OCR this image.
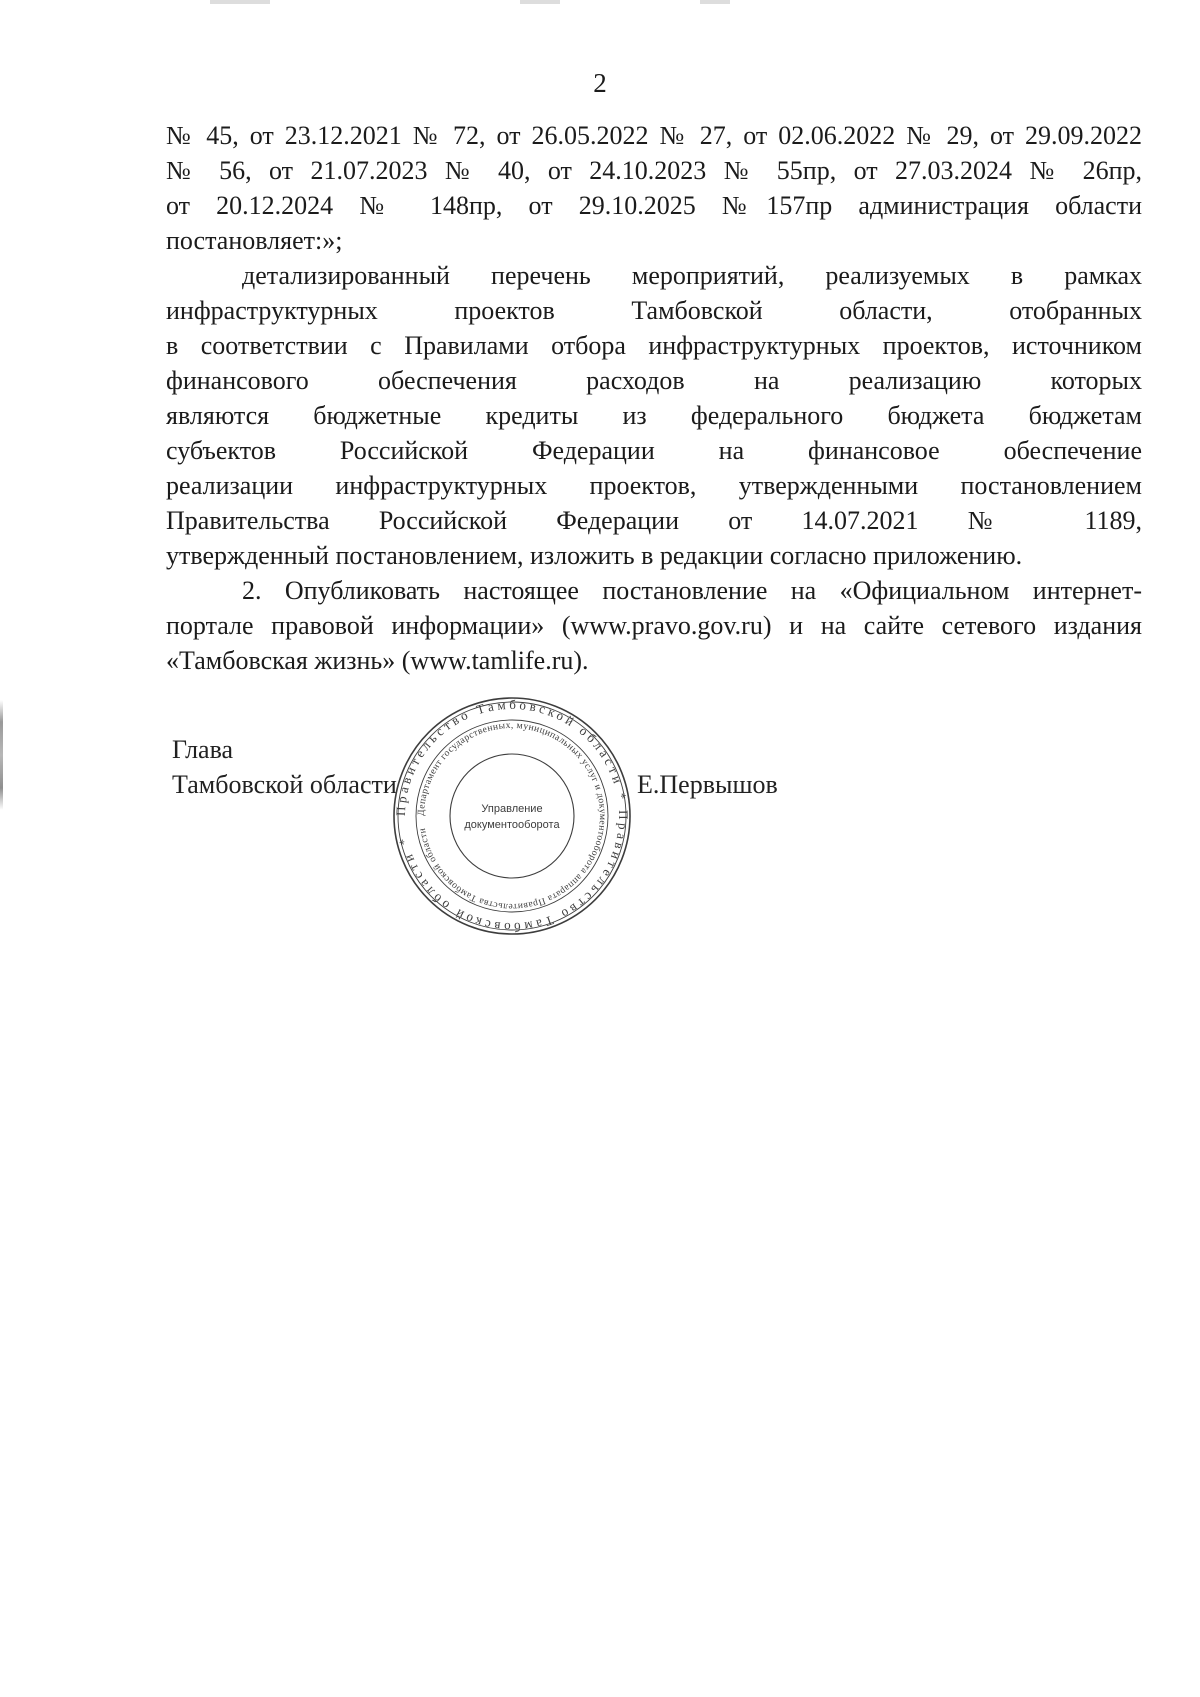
2
№ 45, от 23.12.2021 № 72, от 26.05.2022 № 27, от 02.06.2022 № 29, от 29.09.2022
№ 56, от 21.07.2023 № 40, от 24.10.2023 № 55пр, от 27.03.2024 № 26пр,
от 20.12.2024 № 148пр, от 29.10.2025 №157пр администрация области
постановляет:»;
детализированный перечень мероприятий, реализуемых в рамках
инфраструктурных проектов Тамбовской области, отобранных
в соответствии с Правилами отбора инфраструктурных проектов, источником
финансового обеспечения расходов на реализацию которых
являются бюджетные кредиты из федерального бюджета бюджетам
субъектов Российской Федерации на финансовое обеспечение
реализации инфраструктурных проектов, утвержденными постановлением
Правительства Российской Федерации от 14.07.2021 № 1189,
утвержденный постановлением, изложить в редакции согласно приложению.
2. Опубликовать настоящее постановление на «Официальном интернет-
портале правовой информации» (www.pravo.gov.ru) и на сайте сетевого издания
«Тамбовская жизнь» (www.tamlife.ru).
Глава
Тамбовской области	Е.Первышов
Правительство Тамбовской области * Правительство Тамбовской области *
Департамент государственных, муниципальных услуг и документооборота аппарата Правительства Тамбовской области
Управление
документооборота
